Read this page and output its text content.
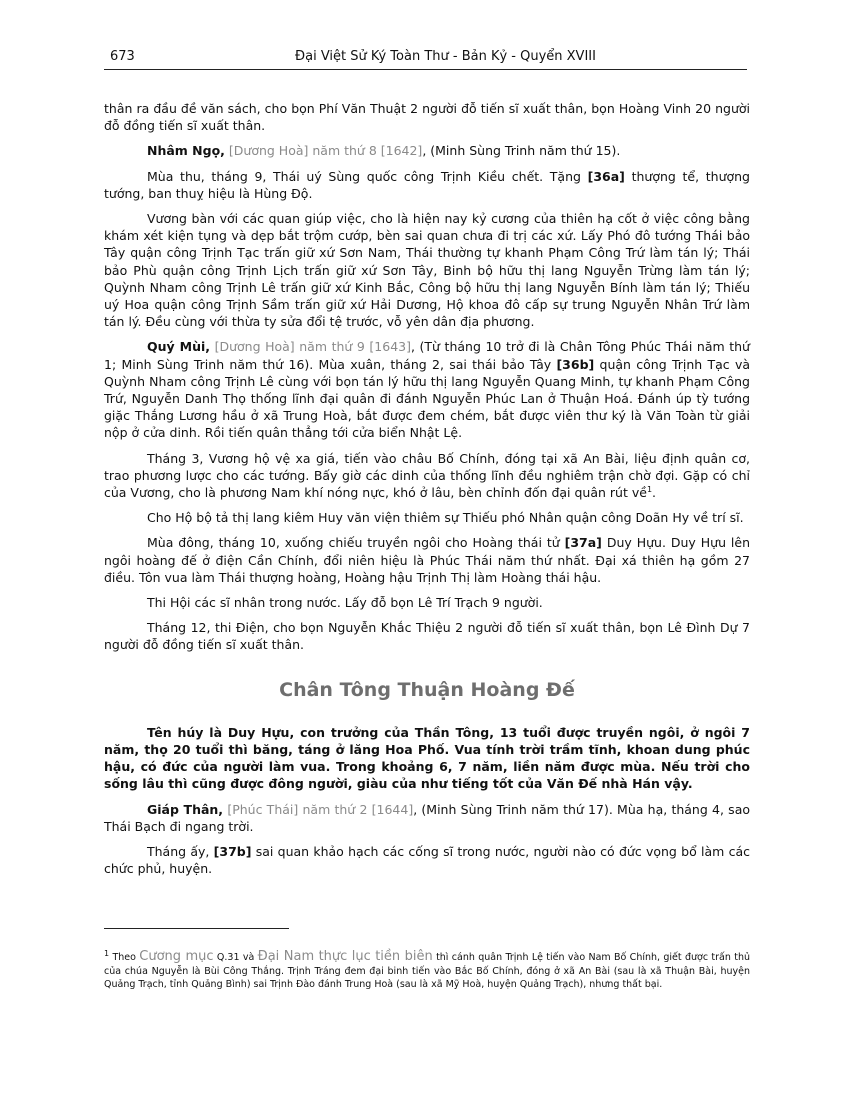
673	Đại Việt Sử Ký Toàn Thư - Bản Kỷ - Quyển XVIII

thân ra đầu đề văn sách, cho bọn Phí Văn Thuật 2 người đỗ tiến sĩ xuất thân, bọn Hoàng Vinh 20 người đỗ đồng tiến sĩ xuất thân.

Nhâm Ngọ, [Dương Hoà] năm thứ 8 [1642], (Minh Sùng Trinh năm thứ 15).

Mùa thu, tháng 9, Thái uý Sùng quốc công Trịnh Kiều chết. Tặng [36a] thượng tể, thượng tướng, ban thuỵ hiệu là Hùng Độ.

Vương bàn với các quan giúp việc, cho là hiện nay kỷ cương của thiên hạ cốt ở việc công bằng khám xét kiện tụng và dẹp bắt trộm cướp, bèn sai quan chưa đi trị các xứ. Lấy Phó đô tướng Thái bảo Tây quận công Trịnh Tạc trấn giữ xứ Sơn Nam, Thái thường tự khanh Phạm Công Trứ làm tán lý; Thái bảo Phù quận công Trịnh Lịch trấn giữ xứ Sơn Tây, Binh bộ hữu thị lang Nguyễn Trừng làm tán lý; Quỳnh Nham công Trịnh Lê trấn giữ xứ Kinh Bắc, Công bộ hữu thị lang Nguyễn Bính làm tán lý; Thiếu uý Hoa quận công Trịnh Sầm trấn giữ xứ Hải Dương, Hộ khoa đô cấp sự trung Nguyễn Nhân Trứ làm tán lý. Đều cùng với thừa ty sửa đổi tệ trước, vỗ yên dân địa phương.

Quý Mùi, [Dương Hoà] năm thứ 9 [1643], (Từ tháng 10 trở đi là Chân Tông Phúc Thái năm thứ 1; Minh Sùng Trinh năm thứ 16). Mùa xuân, tháng 2, sai thái bảo Tây [36b] quận công Trịnh Tạc và Quỳnh Nham công Trịnh Lê cùng với bọn tán lý hữu thị lang Nguyễn Quang Minh, tự khanh Phạm Công Trứ, Nguyễn Danh Thọ thống lĩnh đại quân đi đánh Nguyễn Phúc Lan ở Thuận Hoá. Đánh úp tỳ tướng giặc Thắng Lương hầu ở xã Trung Hoà, bắt được đem chém, bắt được viên thư ký là Văn Toàn từ giải nộp ở cửa dinh. Rồi tiến quân thẳng tới cửa biển Nhật Lệ.

Tháng 3, Vương hộ vệ xa giá, tiến vào châu Bố Chính, đóng tại xã An Bài, liệu định quân cơ, trao phương lược cho các tướng. Bấy giờ các dinh của thống lĩnh đều nghiêm trận chờ đợi. Gặp có chỉ của Vương, cho là phương Nam khí nóng nực, khó ở lâu, bèn chỉnh đốn đại quân rút về$^1$.

Cho Hộ bộ tả thị lang kiêm Huy văn viện thiêm sự Thiếu phó Nhân quận công Doãn Hy về trí sĩ.

Mùa đông, tháng 10, xuống chiếu truyền ngôi cho Hoàng thái tử [37a] Duy Hựu. Duy Hựu lên ngôi hoàng đế ở điện Cần Chính, đổi niên hiệu là Phúc Thái năm thứ nhất. Đại xá thiên hạ gồm 27 điều. Tôn vua làm Thái thượng hoàng, Hoàng hậu Trịnh Thị làm Hoàng thái hậu.

Thi Hội các sĩ nhân trong nước. Lấy đỗ bọn Lê Trí Trạch 9 người.

Tháng 12, thi Điện, cho bọn Nguyễn Khắc Thiệu 2 người đỗ tiến sĩ xuất thân, bọn Lê Đình Dự 7 người đỗ đồng tiến sĩ xuất thân.

Chân Tông Thuận Hoàng Đế

Tên húy là Duy Hựu, con trưởng của Thần Tông, 13 tuổi được truyền ngôi, ở ngôi 7 năm, thọ 20 tuổi thì băng, táng ở lăng Hoa Phố. Vua tính trời trầm tĩnh, khoan dung phúc hậu, có đức của người làm vua. Trong khoảng 6, 7 năm, liền năm được mùa. Nếu trời cho sống lâu thì cũng được đông người, giàu của như tiếng tốt của Văn Đế nhà Hán vậy.

Giáp Thân, [Phúc Thái] năm thứ 2 [1644], (Minh Sùng Trinh năm thứ 17). Mùa hạ, tháng 4, sao Thái Bạch đi ngang trời.

Tháng ấy, [37b] sai quan khảo hạch các cống sĩ trong nước, người nào có đức vọng bổ làm các chức phủ, huyện.

$^1$ Theo Cương mục Q.31 và Đại Nam thực lục tiền biên thì cánh quân Trịnh Lệ tiến vào Nam Bố Chính, giết được trấn thủ của chúa Nguyễn là Bùi Công Thắng. Trịnh Tráng đem đại binh tiến vào Bắc Bố Chính, đóng ở xã An Bài (sau là xã Thuận Bài, huyện Quảng Trạch, tỉnh Quảng Bình) sai Trịnh Đào đánh Trung Hoà (sau là xã Mỹ Hoà, huyện Quảng Trạch), nhưng thất bại.
